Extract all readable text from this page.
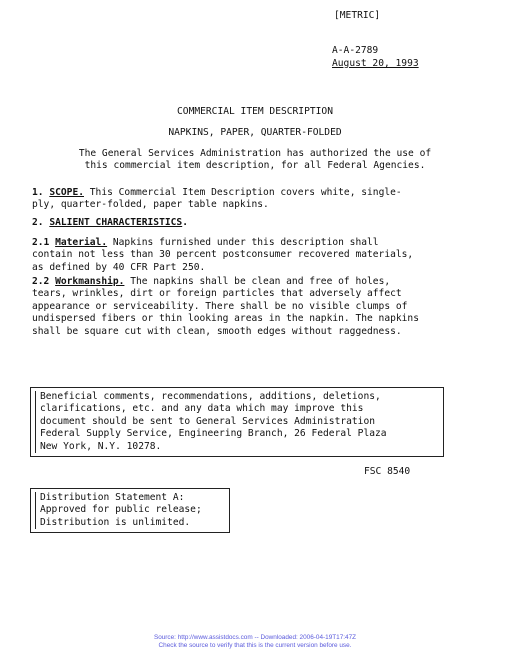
[METRIC]
A-A-2789
August 20, 1993
COMMERCIAL ITEM DESCRIPTION
NAPKINS, PAPER, QUARTER-FOLDED
The General Services Administration has authorized the use of
this commercial item description, for all Federal Agencies.
1. SCOPE. This Commercial Item Description covers white, single-
ply, quarter-folded, paper table napkins.
2. SALIENT CHARACTERISTICS.
2.1 Material. Napkins furnished under this description shall
contain not less than 30 percent postconsumer recovered materials,
as defined by 40 CFR Part 250.
2.2 Workmanship. The napkins shall be clean and free of holes,
tears, wrinkles, dirt or foreign particles that adversely affect
appearance or serviceability. There shall be no visible clumps of
undispersed fibers or thin looking areas in the napkin. The napkins
shall be square cut with clean, smooth edges without raggedness.
Beneficial comments, recommendations, additions, deletions,
clarifications, etc. and any data which may improve this
document should be sent to General Services Administration
Federal Supply Service, Engineering Branch, 26 Federal Plaza
New York, N.Y. 10278.
FSC 8540
Distribution Statement A:
Approved for public release;
Distribution is unlimited.
Source: http://www.assistdocs.com -- Downloaded: 2006-04-19T17:47Z
Check the source to verify that this is the current version before use.
